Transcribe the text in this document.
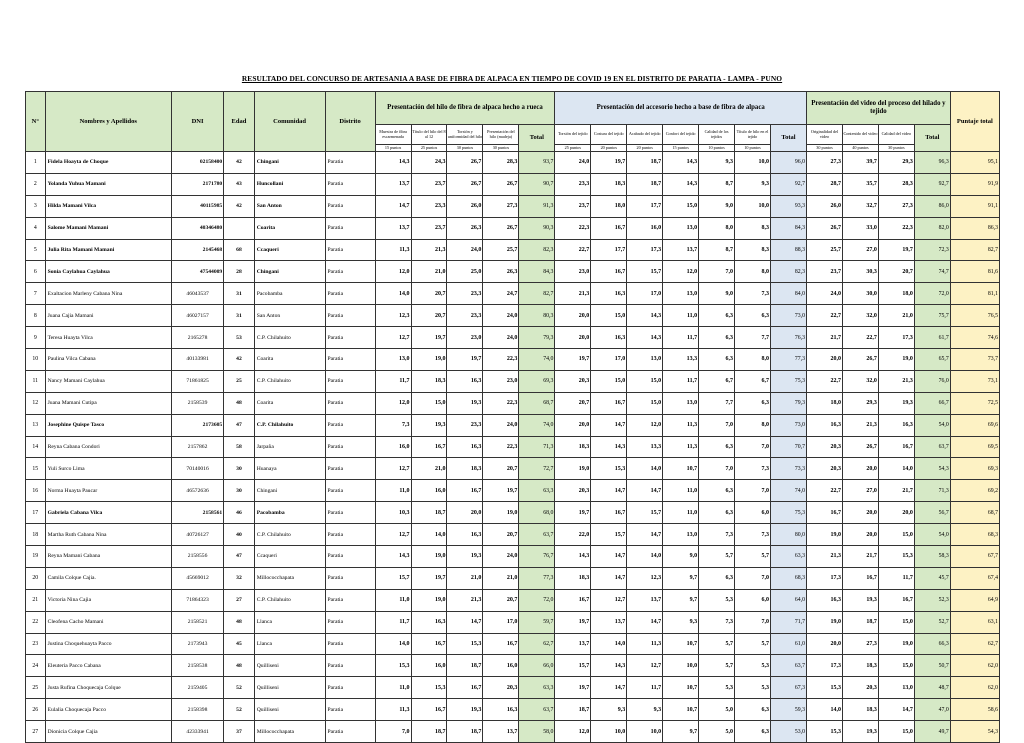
RESULTADO DEL CONCURSO DE ARTESANIA A BASE DE FIBRA DE ALPACA EN TIEMPO DE COVID 19 EN EL DISTRITO DE PARATIA - LAMPA - PUNO
N°	Nombres y Apellidos	DNI	Edad	Comunidad	Distrito	Presentación del hilo de fibra de alpaca hecho a rueca					Presentación del accesorio hecho a base de fibra de alpaca							Presentación del video del proceso del hilado y tejido				Puntaje total
						Muestra de fibra escarmenada	Título del hilo del 8 al 12	Torsión y uniformidad del hilo	Presentación del hilo (madeja)	Total	Torsión del tejido	Costura del tejido	Acabado del tejido	Confort del tejido	Calidad de los tejidos	Título de hilo en el tejido	Total	Originalidad del video	Contenido del video	Calidad del video	Total	
						15 puntos	25 puntos	30 puntos	30 puntos		25 puntos	20 puntos	20 puntos	15 puntos	10 puntos	10 puntos		30 puntos	40 puntos	30 puntos		
1	Fidela Hoayta de Choque	02158400	42	Chingani	Paratia	14,3	24,3	26,7	28,3	93,7	24,0	19,7	18,7	14,3	9,3	10,0	96,0	27,3	39,7	29,3	96,3	95,1
2	Yolanda Yuhua Mamani	2171780	43	Huncollani	Paratia	13,7	23,7	26,7	26,7	90,7	23,3	18,3	18,7	14,3	8,7	9,3	92,7	28,7	35,7	28,3	92,7	91,9
3	Hilda Mamani Vilca	40115985	42	San Anton	Paratia	14,7	23,3	26,0	27,3	91,3	23,7	18,0	17,7	15,0	9,0	10,0	93,3	26,0	32,7	27,3	86,0	91,1
4	Salome Mamani Mamani	40346480		Coarita	Paratia	13,7	23,7	26,3	26,7	90,3	22,3	16,7	16,0	13,0	8,0	8,3	84,3	26,7	33,0	22,3	82,0	86,3
5	Julia Rita Mamani Mamani	2145468	68	Ccaqueri	Paratia	11,3	21,3	24,0	25,7	82,3	22,7	17,7	17,3	13,7	8,7	8,3	88,3	25,7	27,0	19,7	72,3	82,7
6	Sonia Caylahua Caylahua	47544009	28	Chingani	Paratia	12,0	21,0	25,0	26,3	84,3	23,0	16,7	15,7	12,0	7,0	8,0	82,3	23,7	30,3	20,7	74,7	81,6
7	Exaltacion Marleny Cabana Nina	46043537	31	Pacobamba	Paratia	14,0	20,7	23,3	24,7	82,7	21,3	16,3	17,0	13,0	9,0	7,3	84,0	24,0	30,0	18,0	72,0	81,1
8	Juana Cajia Mamani	46027157	31	San Anton	Paratia	12,3	20,7	23,3	24,0	80,3	20,0	15,0	14,3	11,0	6,3	6,3	73,0	22,7	32,0	21,0	75,7	76,5
9	Teresa Huayta Vilca	2165278	53	C.P. Chilahuito	Paratia	12,7	19,7	23,0	24,0	79,3	20,0	16,3	14,3	11,7	6,3	7,7	76,3	21,7	22,7	17,3	61,7	74,6
10	Paulina Vilca Cabana	40133981	42	Coarita	Paratia	13,0	19,0	19,7	22,3	74,0	19,7	17,0	13,0	13,3	6,3	8,0	77,3	20,0	26,7	19,0	65,7	73,7
11	Nancy Mamani Caylahua	71861825	25	C.P. Chilahuito	Paratia	11,7	18,3	16,3	23,0	69,3	20,3	15,0	15,0	11,7	6,7	6,7	75,3	22,7	32,0	21,3	76,0	73,1
12	Juana Mamani Cutipa	2158539	48	Coarita	Paratia	12,0	15,0	19,3	22,3	68,7	20,7	16,7	15,0	13,0	7,7	6,3	79,3	18,0	29,3	19,3	66,7	72,5
13	Josephine Quispe Tasco	2173605	47	C.P. Chilahuito	Paratia	7,3	19,3	23,3	24,0	74,0	20,0	14,7	12,0	11,3	7,0	8,0	73,0	16,3	21,3	16,3	54,0	69,6
14	Reyna Cabana Condori	2157862	58	Jarpaña	Paratia	16,0	16,7	16,3	22,3	71,3	18,3	14,3	13,3	11,3	6,3	7,0	70,7	20,3	26,7	16,7	63,7	69,5
15	Yuli Surco Lima	70140016	30	Huanaya	Paratia	12,7	21,0	18,3	20,7	72,7	19,0	15,3	14,0	10,7	7,0	7,3	73,3	20,3	20,0	14,0	54,3	69,3
16	Norma Huayta Paucar	46572636	30	Chingani	Paratia	11,0	16,0	16,7	19,7	63,3	20,3	14,7	14,7	11,0	6,3	7,0	74,0	22,7	27,0	21,7	71,3	69,2
17	Gabriela Cabana Vilca	2158561	46	Pacobamba	Paratia	10,3	18,7	20,0	19,0	68,0	19,7	16,7	15,7	11,0	6,3	6,0	75,3	16,7	20,0	20,0	56,7	68,7
18	Martha Ruth Cabana Nina	40726127	40	C.P. Chilahuito	Paratia	12,7	14,0	16,3	20,7	63,7	22,0	15,7	14,7	13,0	7,3	7,3	80,0	19,0	20,0	15,0	54,0	68,3
19	Reyna Mamani Cabana	2158556	47	Ccaqueri	Paratia	14,3	19,0	19,3	24,0	76,7	14,3	14,7	14,0	9,0	5,7	5,7	63,3	21,3	21,7	15,3	58,3	67,7
20	Camila Colque Cajia.	45669012	32	Millococchapata	Paratia	15,7	19,7	21,0	21,0	77,3	18,3	14,7	12,3	9,7	6,3	7,0	68,3	17,3	16,7	11,7	45,7	67,4
21	Victoria Nina Cajia	71864323	27	C.P. Chilahuito	Paratia	11,0	19,0	21,3	20,7	72,0	16,7	12,7	13,7	9,7	5,3	6,0	64,0	16,3	19,3	16,7	52,3	64,9
22	Cleofena Cacho Mamani	2158521	48	Llanca	Paratia	11,7	16,3	14,7	17,0	59,7	19,7	13,7	14,7	9,3	7,3	7,0	71,7	19,0	18,7	15,0	52,7	63,1
23	Justina Choquehuayta Pacco	2173943	45	Llanca	Paratia	14,0	16,7	15,3	16,7	62,7	13,7	14,0	11,3	10,7	5,7	5,7	61,0	20,0	27,3	19,0	66,3	62,7
24	Eleuteria Pacco Cabana	2158538	48	Quilliseni	Paratia	15,3	16,0	18,7	16,0	66,0	15,7	14,3	12,7	10,0	5,7	5,3	63,7	17,3	18,3	15,0	50,7	62,0
25	Justa Rufina Choquecaja Colque	2159405	52	Quilliseni	Paratia	11,0	15,3	16,7	20,3	63,3	19,7	14,7	11,7	10,7	5,3	5,3	67,3	15,3	20,3	13,0	48,7	62,0
26	Eulalia Choquecaja Pacco	2158398	52	Quilliseni	Paratia	11,3	16,7	19,3	16,3	63,7	18,7	9,3	9,3	10,7	5,0	6,3	59,3	14,0	18,3	14,7	47,0	58,6
27	Dionicia Colque Cajia	42333941	37	Millococchapata	Paratia	7,0	18,7	18,7	13,7	58,0	12,0	10,0	10,0	9,7	5,0	6,3	53,0	15,3	19,3	15,0	49,7	54,3
